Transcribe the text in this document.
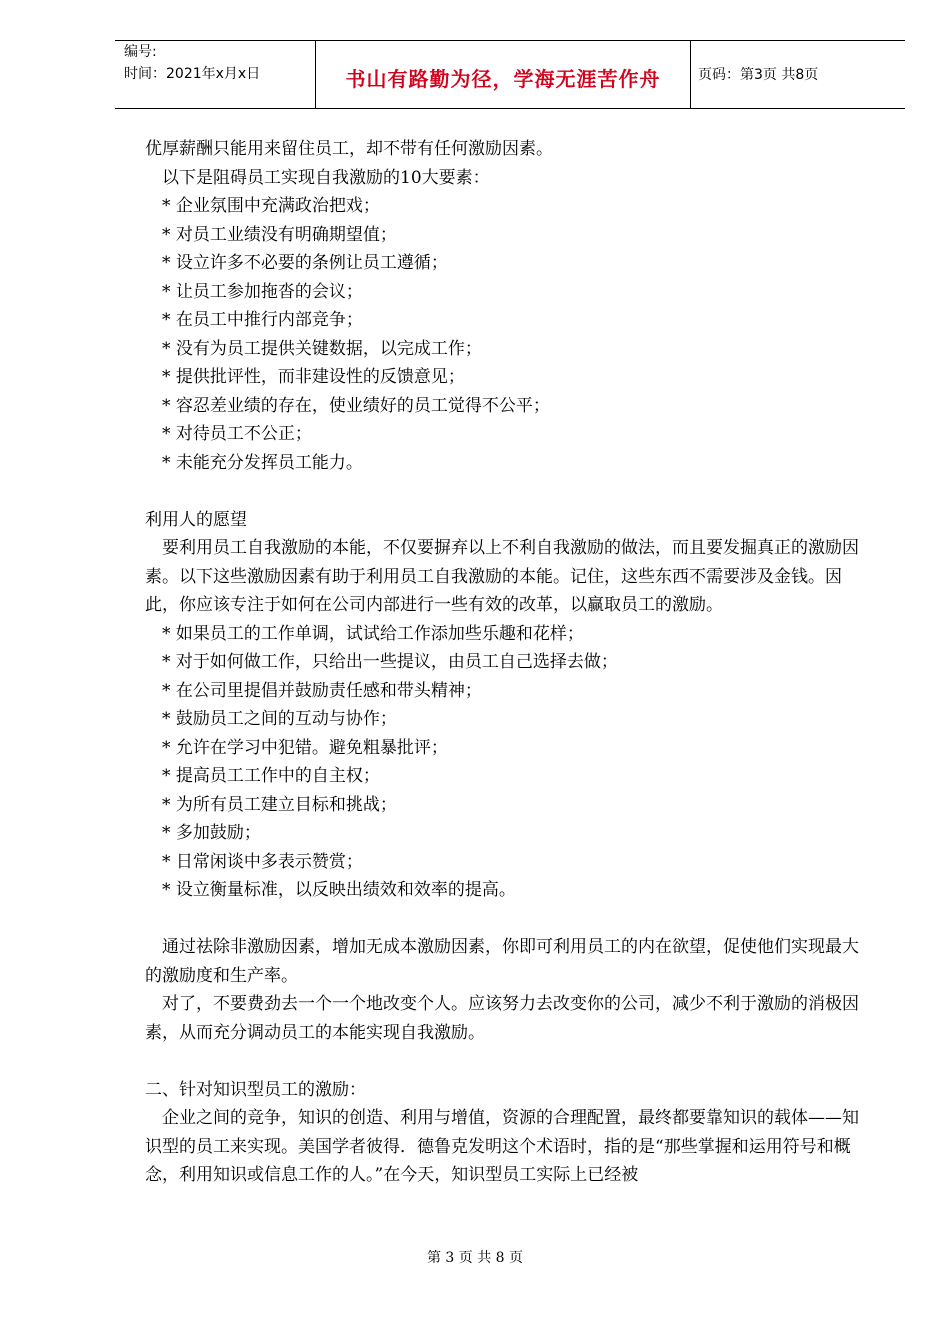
编号:
时间：2021年x月x日	书山有路勤为径，学海无涯苦作舟	页码：第3页 共8页

优厚薪酬只能用来留住员工，却不带有任何激励因素。

以下是阻碍员工实现自我激励的10大要素：

* 企业氛围中充满政治把戏；

* 对员工业绩没有明确期望值；

* 设立许多不必要的条例让员工遵循；

* 让员工参加拖沓的会议；

* 在员工中推行内部竞争；

* 没有为员工提供关键数据，以完成工作；

* 提供批评性，而非建设性的反馈意见；

* 容忍差业绩的存在，使业绩好的员工觉得不公平；

* 对待员工不公正；

* 未能充分发挥员工能力。

利用人的愿望

要利用员工自我激励的本能，不仅要摒弃以上不利自我激励的做法，而且要发掘真正的激励因素。以下这些激励因素有助于利用员工自我激励的本能。记住，这些东西不需要涉及金钱。因此，你应该专注于如何在公司内部进行一些有效的改革，以赢取员工的激励。

* 如果员工的工作单调，试试给工作添加些乐趣和花样；

* 对于如何做工作，只给出一些提议，由员工自己选择去做；

* 在公司里提倡并鼓励责任感和带头精神；

* 鼓励员工之间的互动与协作；

* 允许在学习中犯错。避免粗暴批评；

* 提高员工工作中的自主权；

* 为所有员工建立目标和挑战；

* 多加鼓励；

* 日常闲谈中多表示赞赏；

* 设立衡量标准，以反映出绩效和效率的提高。

通过祛除非激励因素，增加无成本激励因素，你即可利用员工的内在欲望，促使他们实现最大的激励度和生产率。

对了，不要费劲去一个一个地改变个人。应该努力去改变你的公司，减少不利于激励的消极因素，从而充分调动员工的本能实现自我激励。

二、针对知识型员工的激励：

企业之间的竞争，知识的创造、利用与增值，资源的合理配置，最终都要靠知识的载体——知识型的员工来实现。美国学者彼得．德鲁克发明这个术语时，指的是“那些掌握和运用符号和概念，利用知识或信息工作的人。”在今天，知识型员工实际上已经被

第 3 页 共 8 页
